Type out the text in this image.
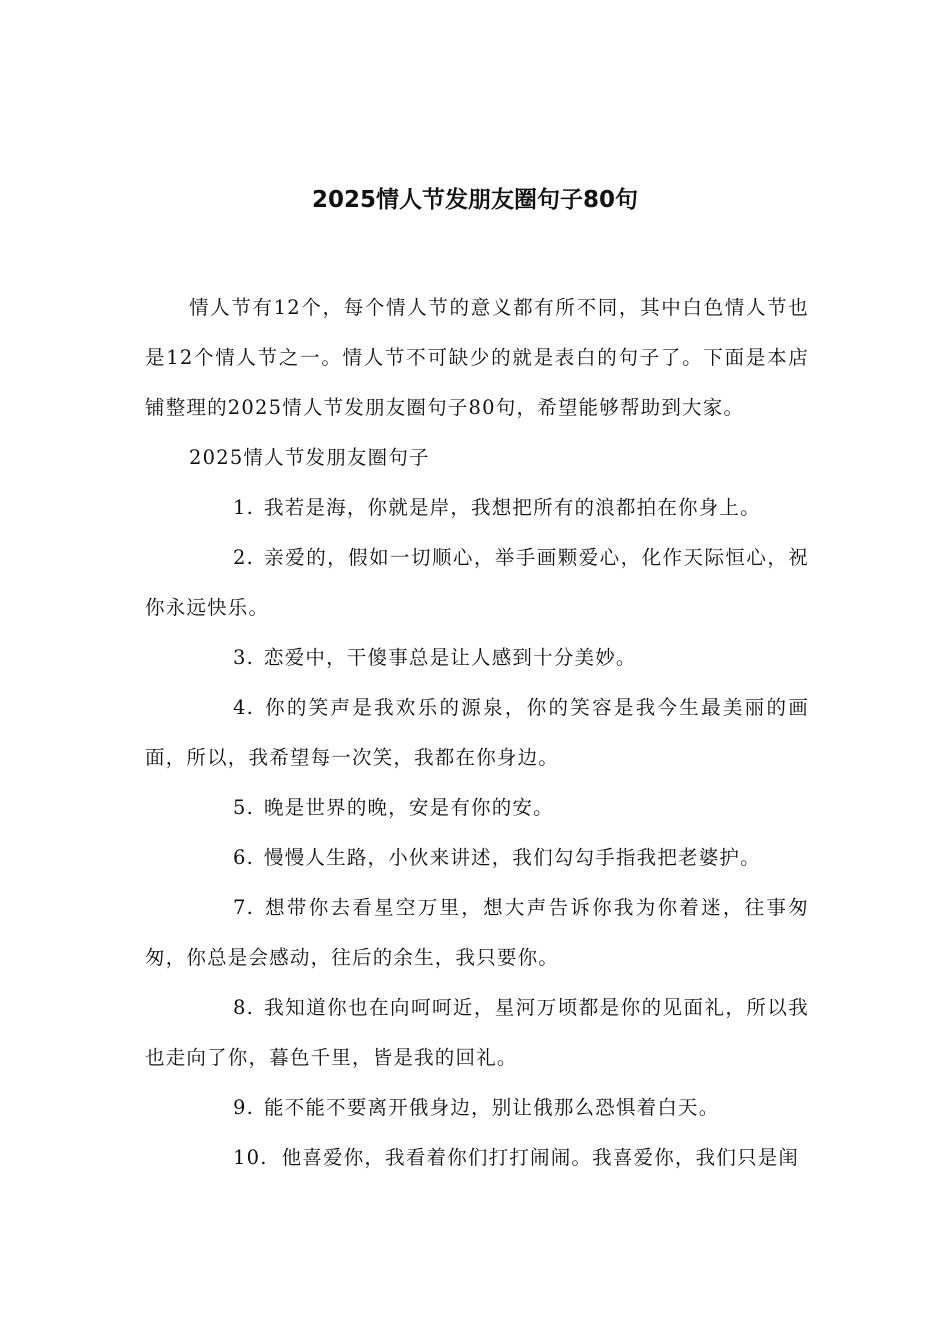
2025情人节发朋友圈句子80句

情人节有12个，每个情人节的意义都有所不同，其中白色情人节也是12个情人节之一。情人节不可缺少的就是表白的句子了。下面是本店铺整理的2025情人节发朋友圈句子80句，希望能够帮助到大家。

2025情人节发朋友圈句子

1. 我若是海，你就是岸，我想把所有的浪都拍在你身上。

2. 亲爱的，假如一切顺心，举手画颗爱心，化作天际恒心，祝你永远快乐。

3. 恋爱中，干傻事总是让人感到十分美妙。

4. 你的笑声是我欢乐的源泉，你的笑容是我今生最美丽的画面，所以，我希望每一次笑，我都在你身边。

5. 晚是世界的晚，安是有你的安。

6. 慢慢人生路，小伙来讲述，我们勾勾手指我把老婆护。

7. 想带你去看星空万里，想大声告诉你我为你着迷，往事匆匆，你总是会感动，往后的余生，我只要你。

8. 我知道你也在向呵呵近，星河万顷都是你的见面礼，所以我也走向了你，暮色千里，皆是我的回礼。

9. 能不能不要离开俄身边，别让俄那么恐惧着白天。

10. 他喜爱你，我看着你们打打闹闹。我喜爱你，我们只是闺
